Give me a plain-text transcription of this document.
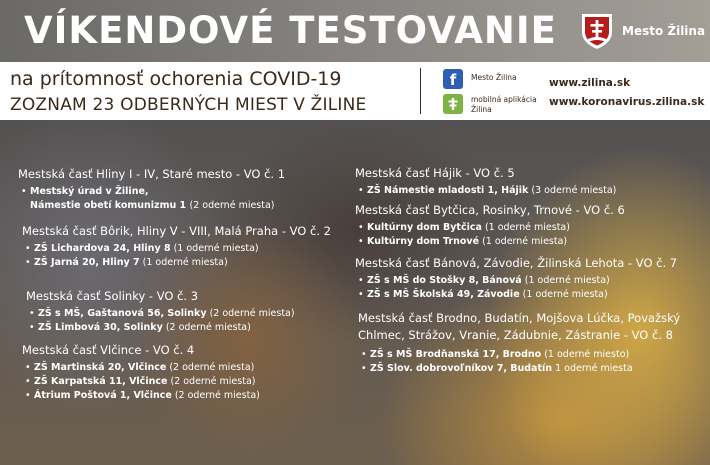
VÍKENDOVÉ TESTOVANIE	Mesto Žilina
na prítomnosť ochorenia COVID-19
ZOZNAM 23 ODBERNÝCH MIEST V ŽILINE
f	Mesto Žilina
mobilná aplikácia Žilina
www.zilina.sk
www.koronavirus.zilina.sk
Mestská časť Hliny I - IV, Staré mesto - VO č. 1
• Mestský úrad v Žiline,
Námestie obetí komunizmu 1 (2 oderné miesta)
Mestská časť Bôrik, Hliny V - VIII, Malá Praha - VO č. 2
• ZŠ Lichardova 24, Hliny 8 (1 oderné miesta)
• ZŠ Jarná 20, Hliny 7 (1 oderné miesta)
Mestská časť Solinky - VO č. 3
• ZŠ s MŠ, Gaštanová 56, Solinky (2 oderné miesta)
• ZŠ Limbová 30, Solinky (2 oderné miesta)
Mestská časť Vlčince - VO č. 4
• ZŠ Martinská 20, Vlčince (2 oderné miesta)
• ZŠ Karpatská 11, Vlčince (2 oderné miesta)
• Átrium Poštová 1, Vlčince (2 oderné miesta)
Mestská časť Hájik - VO č. 5
• ZŠ Námestie mladosti 1, Hájik (3 oderné miesta)
Mestská časť Bytčica, Rosinky, Trnové - VO č. 6
• Kultúrny dom Bytčica (1 oderné miesta)
• Kultúrny dom Trnové (1 oderné miesta)
Mestská časť Bánová, Závodie, Žilinská Lehota - VO č. 7
• ZŠ s MŠ do Stošky 8, Bánová (1 oderné miesta)
• ZŠ s MŠ Školská 49, Závodie (1 oderné miesta)
Mestská časť Brodno, Budatín, Mojšova Lúčka, Považský Chlmec, Strážov, Vranie, Zádubnie, Zástranie - VO č. 8
• ZŠ s MŠ Brodňanská 17, Brodno (1 oderné miesto)
• ZŠ Slov. dobrovoľníkov 7, Budatín 1 oderné miesta
